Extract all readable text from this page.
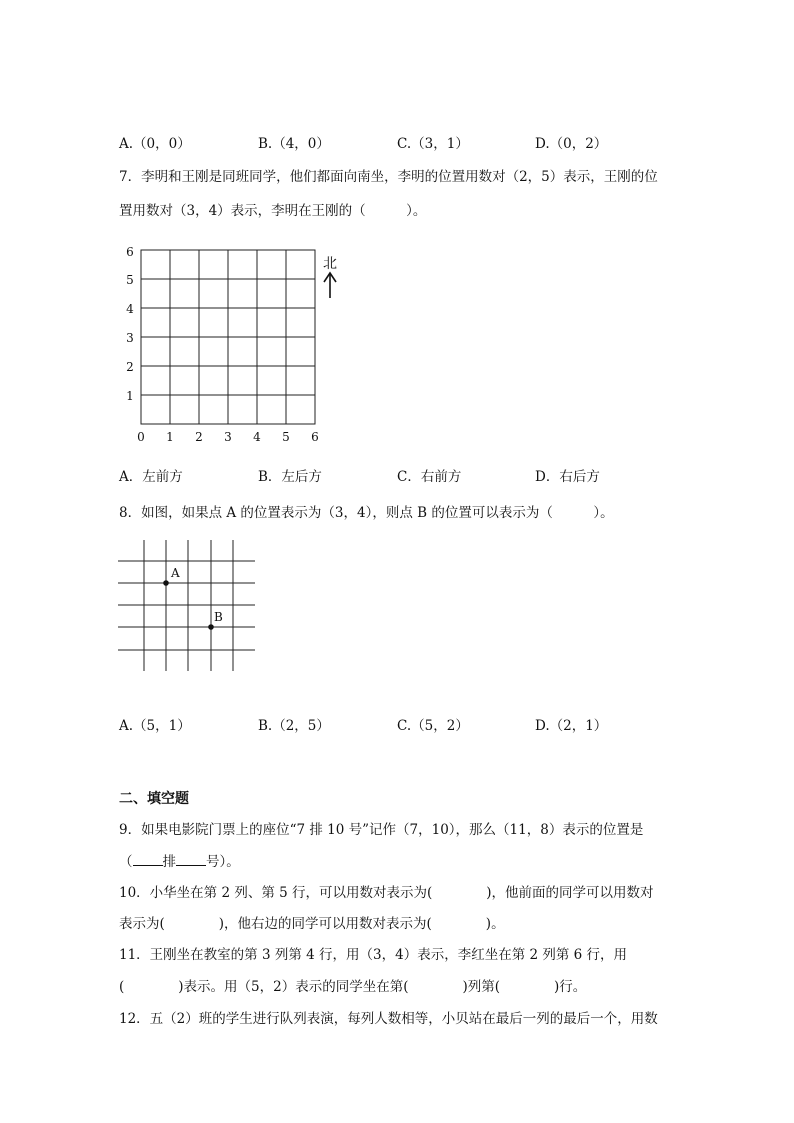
A.（0，0）	B.（4，0）	C.（3，1）	D.（0，2）
7．李明和王刚是同班同学，他们都面向南坐，李明的位置用数对（2，5）表示，王刚的位
置用数对（3，4）表示，李明在王刚的（　　　）。
1
2
3
4
5
6
0 1 2 3 4 5 6
北
A．左前方	B．左后方	C．右前方	D．右后方
8．如图，如果点 A 的位置表示为（3，4），则点 B 的位置可以表示为（　　　）。
A
B
A.（5，1）	B.（2，5）	C.（5，2）	D.（2，1）
二、填空题
9．如果电影院门票上的座位“7 排 10 号”记作（7，10），那么（11，8）表示的位置是
（ 排 号）。
10．小华坐在第 2 列、第 5 行，可以用数对表示为(　　　　)，他前面的同学可以用数对
表示为(　　　　)，他右边的同学可以用数对表示为(　　　　)。
11．王刚坐在教室的第 3 列第 4 行，用（3，4）表示，李红坐在第 2 列第 6 行，用
(　　　　)表示。用（5，2）表示的同学坐在第(　　　　)列第(　　　　)行。
12．五（2）班的学生进行队列表演，每列人数相等，小贝站在最后一列的最后一个，用数
